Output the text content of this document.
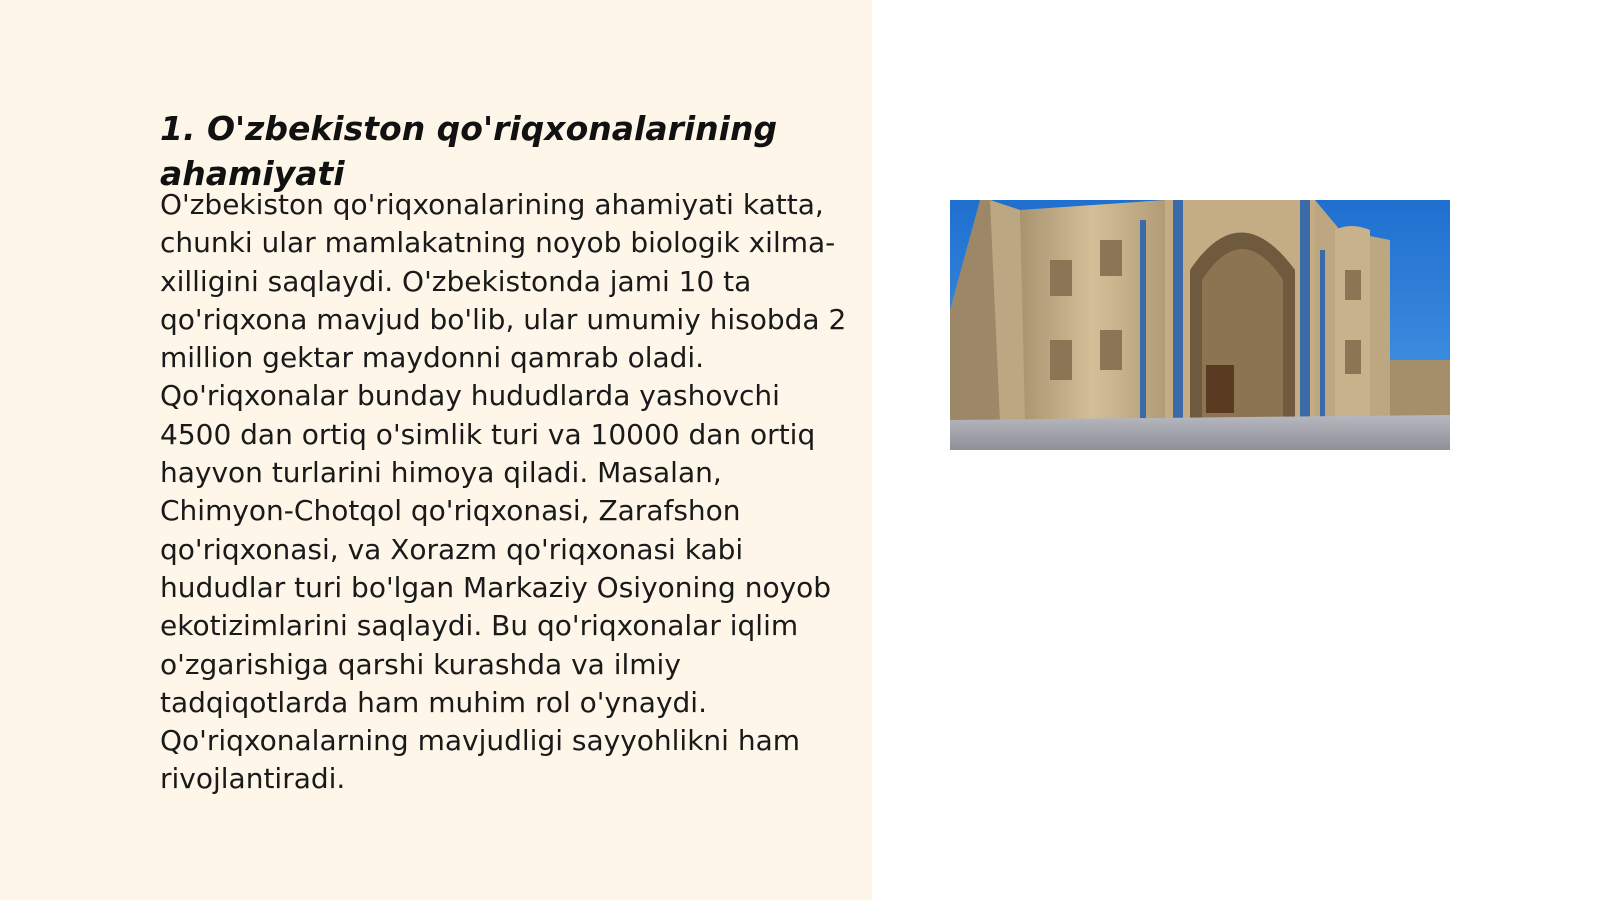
1. O'zbekiston qo'riqxonalarining ahamiyati

O'zbekiston qo'riqxonalarining ahamiyati katta, chunki ular mamlakatning noyob biologik xilma-xilligini saqlaydi. O'zbekistonda jami 10 ta qo'riqxona mavjud bo'lib, ular umumiy hisobda 2 million gektar maydonni qamrab oladi. Qo'riqxonalar bunday hududlarda yashovchi 4500 dan ortiq o'simlik turi va 10000 dan ortiq hayvon turlarini himoya qiladi. Masalan, Chimyon-Chotqol qo'riqxonasi, Zarafshon qo'riqxonasi, va Xorazm qo'riqxonasi kabi hududlar turi bo'lgan Markaziy Osiyoning noyob ekotizimlarini saqlaydi. Bu qo'riqxonalar iqlim o'zgarishiga qarshi kurashda va ilmiy tadqiqotlarda ham muhim rol o'ynaydi. Qo'riqxonalarning mavjudligi sayyohlikni ham rivojlantiradi.
